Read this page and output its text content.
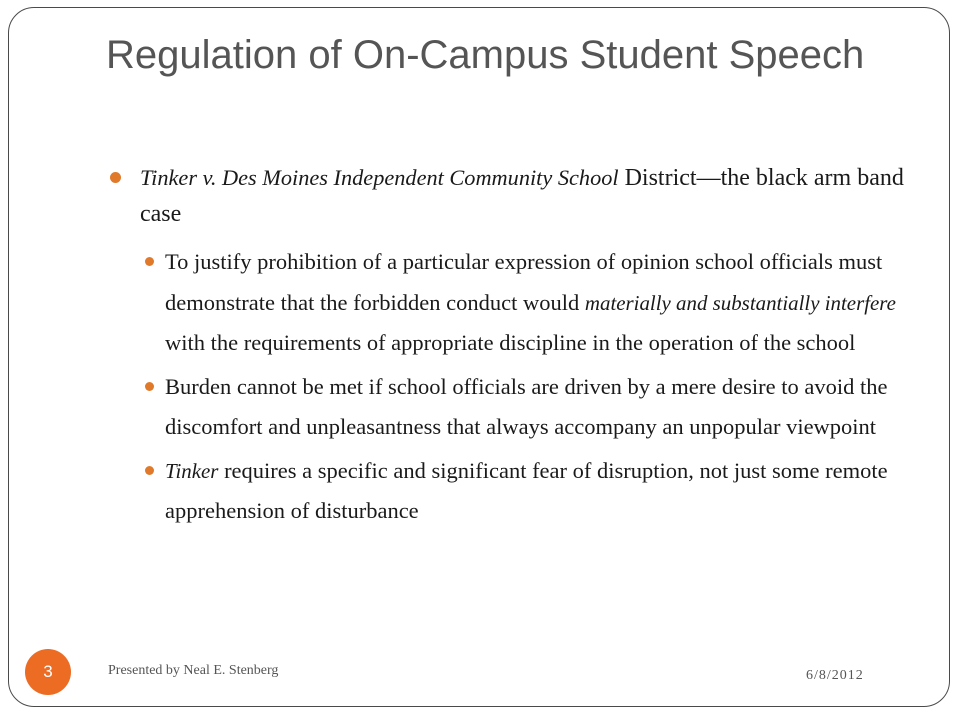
Regulation of On-Campus Student Speech
Tinker v. Des Moines Independent Community School District—the black arm band case
To justify prohibition of a particular expression of opinion school officials must demonstrate that the forbidden conduct would materially and substantially interfere with the requirements of appropriate discipline in the operation of the school
Burden cannot be met if school officials are driven by a mere desire to avoid the discomfort and unpleasantness that always accompany an unpopular viewpoint
Tinker requires a specific and significant fear of disruption, not just some remote apprehension of disturbance
3	Presented by Neal E. Stenberg	6/8/2012
